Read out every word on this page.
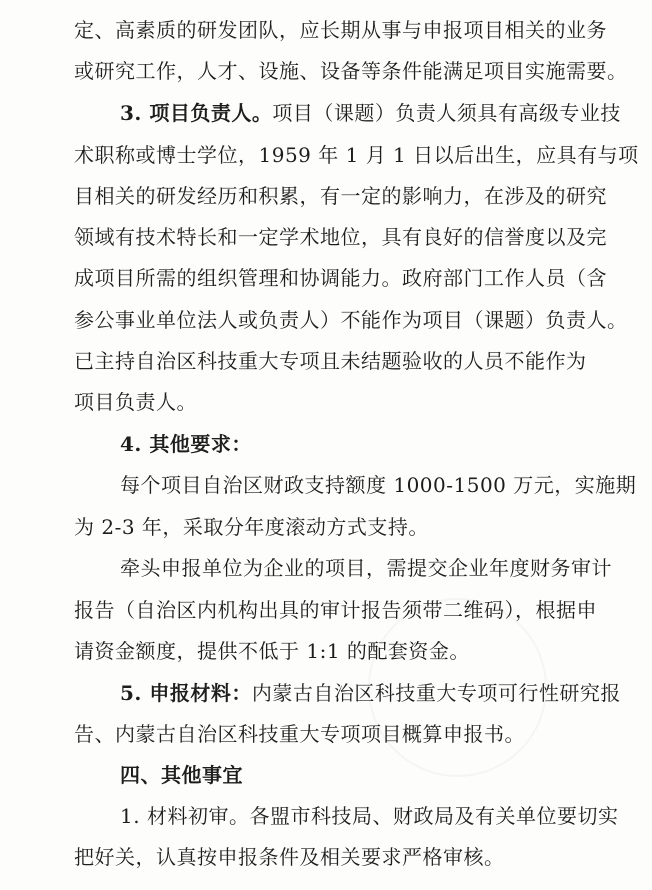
定、高素质的研发团队，应长期从事与申报项目相关的业务
或研究工作，人才、设施、设备等条件能满足项目实施需要。
3. 项目负责人。项目（课题）负责人须具有高级专业技
术职称或博士学位，1959 年 1 月 1 日以后出生，应具有与项
目相关的研发经历和积累，有一定的影响力，在涉及的研究
领域有技术特长和一定学术地位，具有良好的信誉度以及完
成项目所需的组织管理和协调能力。政府部门工作人员（含
参公事业单位法人或负责人）不能作为项目（课题）负责人。
已主持自治区科技重大专项且未结题验收的人员不能作为
项目负责人。
4. 其他要求：
每个项目自治区财政支持额度 1000-1500 万元，实施期
为 2-3 年，采取分年度滚动方式支持。
牵头申报单位为企业的项目，需提交企业年度财务审计
报告（自治区内机构出具的审计报告须带二维码），根据申
请资金额度，提供不低于 1:1 的配套资金。
5. 申报材料：内蒙古自治区科技重大专项可行性研究报
告、内蒙古自治区科技重大专项项目概算申报书。
四、其他事宜
1. 材料初审。各盟市科技局、财政局及有关单位要切实
把好关，认真按申报条件及相关要求严格审核。
